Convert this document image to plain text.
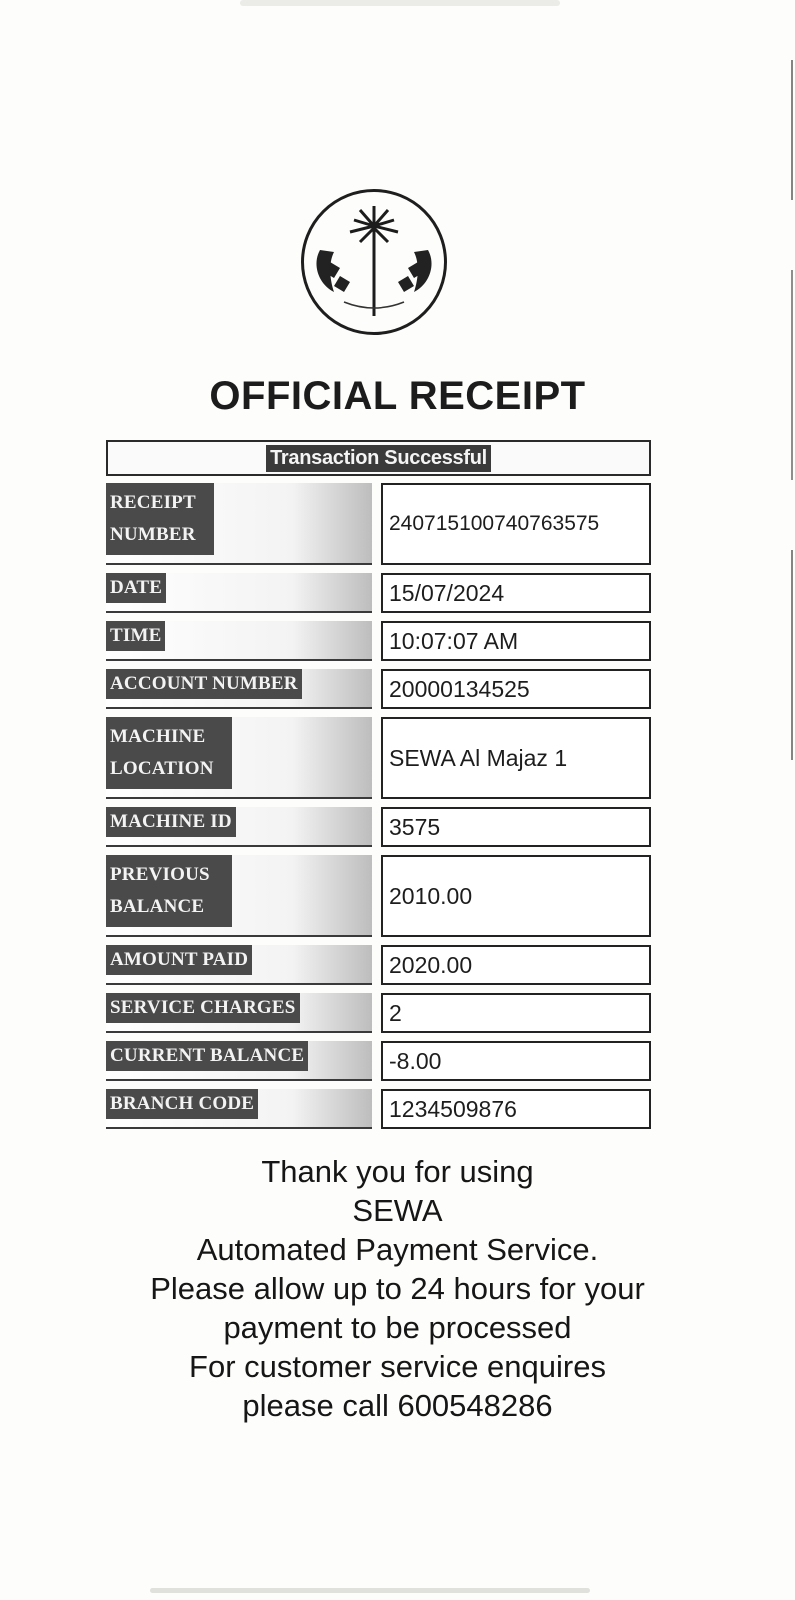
OFFICIAL RECEIPT
Transaction Successful
RECEIPT NUMBER	240715100740763575
DATE	15/07/2024
TIME	10:07:07 AM
ACCOUNT NUMBER	20000134525
MACHINE LOCATION	SEWA Al Majaz 1
MACHINE ID	3575
PREVIOUS BALANCE	2010.00
AMOUNT PAID	2020.00
SERVICE CHARGES	2
CURRENT BALANCE	-8.00
BRANCH CODE	1234509876
Thank you for using
SEWA
Automated Payment Service.
Please allow up to 24 hours for your
payment to be processed
For customer service enquires
please call 600548286
